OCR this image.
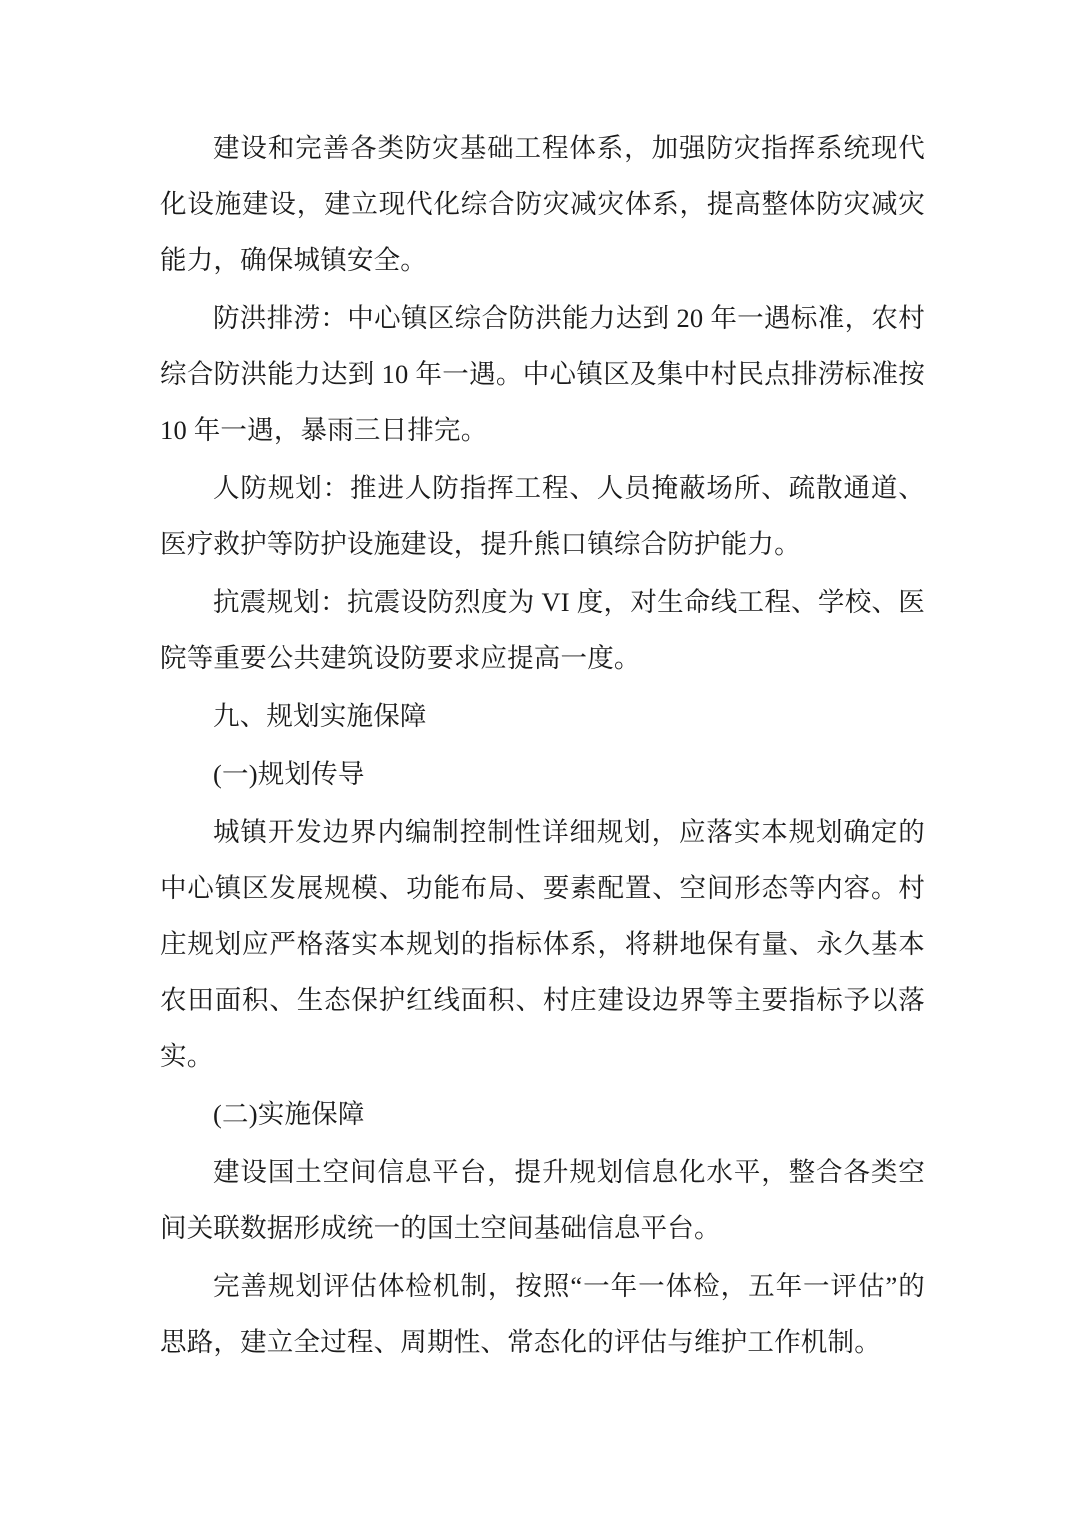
建设和完善各类防灾基础工程体系，加强防灾指挥系统现代化设施建设，建立现代化综合防灾减灾体系，提高整体防灾减灾能力，确保城镇安全。

防洪排涝：中心镇区综合防洪能力达到 20 年一遇标准，农村综合防洪能力达到 10 年一遇。中心镇区及集中村民点排涝标准按 10 年一遇，暴雨三日排完。

人防规划：推进人防指挥工程、人员掩蔽场所、疏散通道、医疗救护等防护设施建设，提升熊口镇综合防护能力。

抗震规划：抗震设防烈度为 VI 度，对生命线工程、学校、医院等重要公共建筑设防要求应提高一度。

九、规划实施保障

(一)规划传导

城镇开发边界内编制控制性详细规划，应落实本规划确定的中心镇区发展规模、功能布局、要素配置、空间形态等内容。村庄规划应严格落实本规划的指标体系，将耕地保有量、永久基本农田面积、生态保护红线面积、村庄建设边界等主要指标予以落实。

(二)实施保障

建设国土空间信息平台，提升规划信息化水平，整合各类空间关联数据形成统一的国土空间基础信息平台。

完善规划评估体检机制，按照“一年一体检，五年一评估”的思路，建立全过程、周期性、常态化的评估与维护工作机制。
